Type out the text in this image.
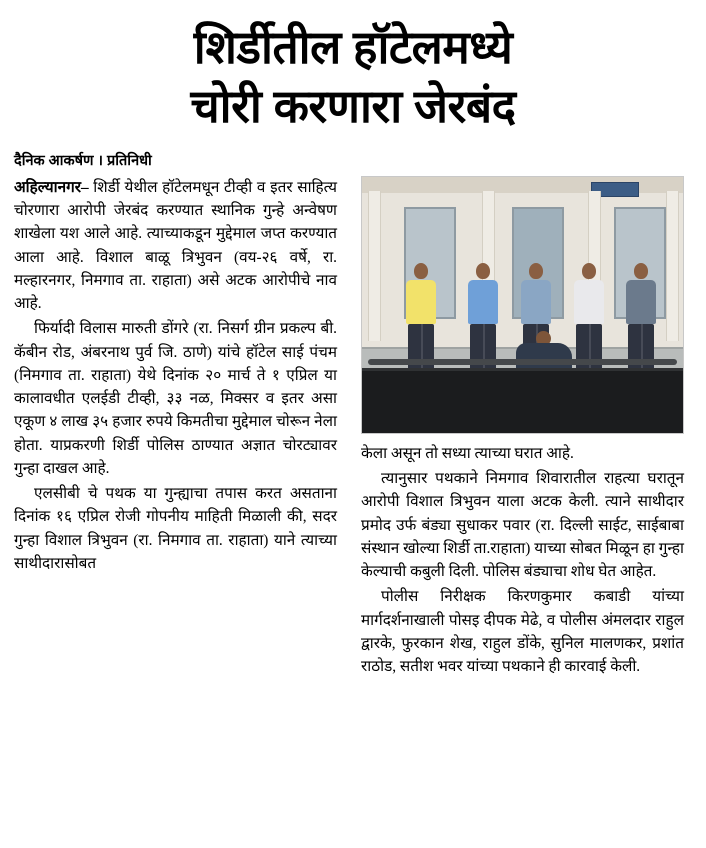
शिर्डीतील हॉटेलमध्ये
चोरी करणारा जेरबंद
दैनिक आकर्षण । प्रतिनिधी

अहिल्यानगर– शिर्डी येथील हॉटेलमधून टीव्ही व इतर साहित्य चोरणारा आरोपी जेरबंद करण्यात स्थानिक गुन्हे अन्वेषण शाखेला यश आले आहे. त्याच्याकडून मुद्देमाल जप्त करण्यात आला आहे. विशाल बाळू त्रिभुवन (वय-२६ वर्षे, रा. मल्हारनगर, निमगाव ता. राहाता) असे अटक आरोपीचे नाव आहे.

फिर्यादी विलास मारुती डोंगरे (रा. निसर्ग ग्रीन प्रकल्प बी. कॅबीन रोड, अंबरनाथ पुर्व जि. ठाणे) यांचे हॉटेल साई पंचम (निमगाव ता. राहाता) येथे दिनांक २० मार्च ते १ एप्रिल या कालावधीत एलईडी टीव्ही, ३३ नळ, मिक्सर व इतर असा एकूण ४ लाख ३५ हजार रुपये किमतीचा मुद्देमाल चोरून नेला होता. याप्रकरणी शिर्डी पोलिस ठाण्यात अज्ञात चोरट्यावर गुन्हा दाखल आहे.

एलसीबी चे पथक या गुन्ह्याचा तपास करत असताना दिनांक १६ एप्रिल रोजी गोपनीय माहिती मिळाली की, सदर गुन्हा विशाल त्रिभुवन (रा. निमगाव ता. राहाता) याने त्याच्या साथीदारासोबत

केला असून तो सध्या त्याच्या घरात आहे.

त्यानुसार पथकाने निमगाव शिवारातील राहत्या घरातून आरोपी विशाल त्रिभुवन याला अटक केली. त्याने साथीदार प्रमोद उर्फ बंड्या सुधाकर पवार (रा. दिल्ली साईट, साईबाबा संस्थान खोल्या शिर्डी ता.राहाता) याच्या सोबत मिळून हा गुन्हा केल्याची कबुली दिली. पोलिस बंड्याचा शोध घेत आहेत.

पोलीस निरीक्षक किरणकुमार कबाडी यांच्या मार्गदर्शनाखाली पोसइ दीपक मेढे, व पोलीस अंमलदार राहुल द्वारके, फुरकान शेख, राहुल डोंके, सुनिल मालणकर, प्रशांत राठोड, सतीश भवर यांच्या पथकाने ही कारवाई केली.
